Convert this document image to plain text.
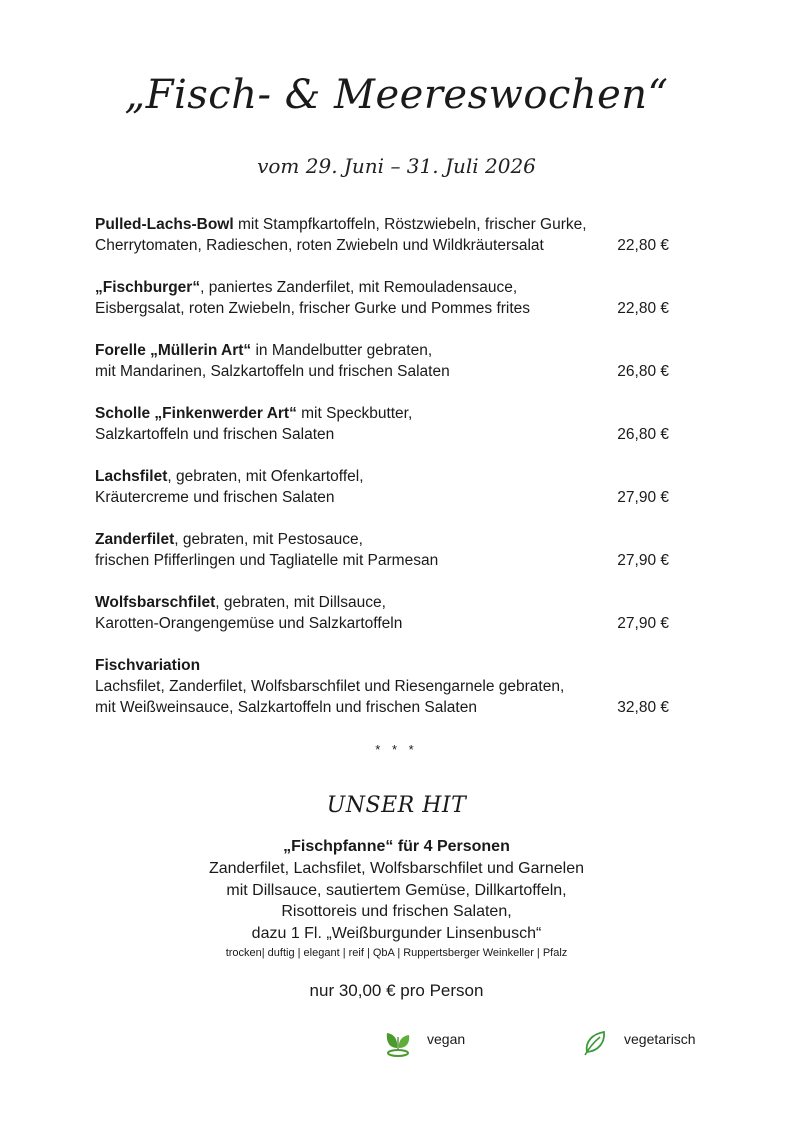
„Fisch- & Meereswochen“
vom 29. Juni – 31. Juli 2026
Pulled-Lachs-Bowl mit Stampfkartoffeln, Röstzwiebeln, frischer Gurke,
Cherrytomaten, Radieschen, roten Zwiebeln und Wildkräutersalat	22,80 €
„Fischburger“, paniertes Zanderfilet, mit Remouladensauce,
Eisbergsalat, roten Zwiebeln, frischer Gurke und Pommes frites	22,80 €
Forelle „Müllerin Art“ in Mandelbutter gebraten,
mit Mandarinen, Salzkartoffeln und frischen Salaten	26,80 €
Scholle „Finkenwerder Art“ mit Speckbutter,
Salzkartoffeln und frischen Salaten	26,80 €
Lachsfilet, gebraten, mit Ofenkartoffel,
Kräutercreme und frischen Salaten	27,90 €
Zanderfilet, gebraten, mit Pestosauce,
frischen Pfifferlingen und Tagliatelle mit Parmesan	27,90 €
Wolfsbarschfilet, gebraten, mit Dillsauce,
Karotten-Orangengemüse und Salzkartoffeln	27,90 €
Fischvariation
Lachsfilet, Zanderfilet, Wolfsbarschfilet und Riesengarnele gebraten,
mit Weißweinsauce, Salzkartoffeln und frischen Salaten	32,80 €
* * *
UNSER HIT
„Fischpfanne“ für 4 Personen
Zanderfilet, Lachsfilet, Wolfsbarschfilet und Garnelen
mit Dillsauce, sautiertem Gemüse, Dillkartoffeln,
Risottoreis und frischen Salaten,
dazu 1 Fl. „Weißburgunder Linsenbusch“
trocken| duftig | elegant | reif | QbA | Ruppertsberger Weinkeller | Pfalz
nur 30,00 € pro Person
vegan	vegetarisch
